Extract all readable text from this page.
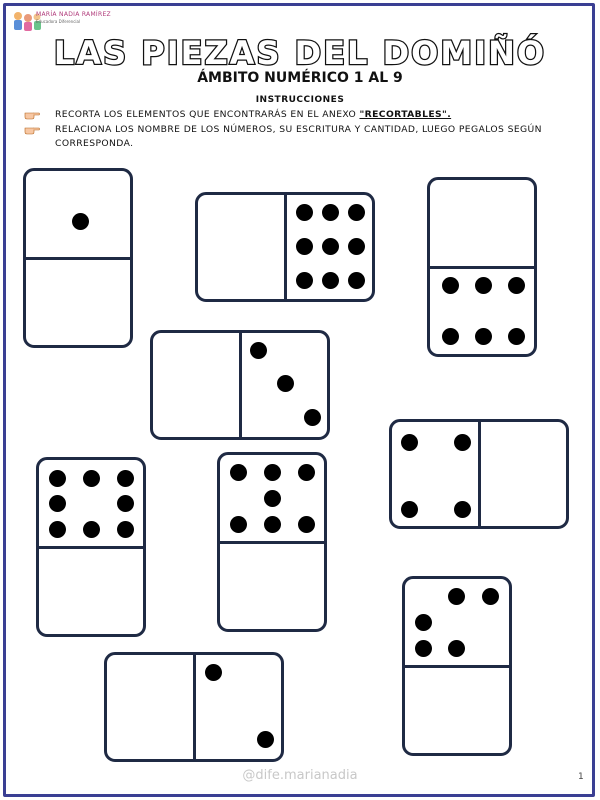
MARÍA NADIA RAMÍREZ
Educadora Diferencial
LAS PIEZAS DEL DOMIÑÓ
ÁMBITO NUMÉRICO 1 AL 9
INSTRUCCIONES
RECORTA LOS ELEMENTOS QUE ENCONTRARÁS EN EL ANEXO "RECORTABLES".
RELACIONA LOS NOMBRE DE LOS NÚMEROS, SU ESCRITURA Y CANTIDAD, LUEGO PEGALOS SEGÚN CORRESPONDA.
@dife.marianadia	1
